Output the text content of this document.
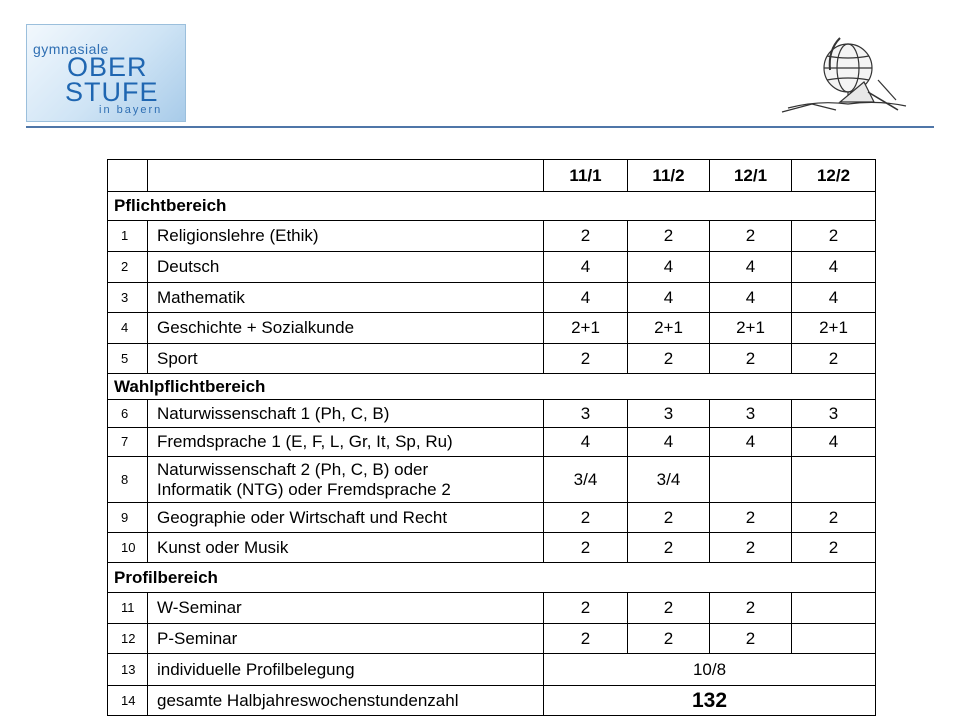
gymnasiale
OBER
STUFE
in bayern
		11/1	11/2	12/1	12/2
Pflichtbereich					
1	Religionslehre (Ethik)	2	2	2	2
2	Deutsch	4	4	4	4
3	Mathematik	4	4	4	4
4	Geschichte + Sozialkunde	2+1	2+1	2+1	2+1
5	Sport	2	2	2	2
Wahlpflichtbereich					
6	Naturwissenschaft 1 (Ph, C, B)	3	3	3	3
7	Fremdsprache 1 (E, F, L, Gr, It, Sp, Ru)	4	4	4	4
8	Naturwissenschaft 2 (Ph, C, B) oder
Informatik (NTG) oder Fremdsprache 2	3/4	3/4		
9	Geographie oder Wirtschaft und Recht	2	2	2	2
10	Kunst oder Musik	2	2	2	2
Profilbereich					
11	W-Seminar	2	2	2	
12	P-Seminar	2	2	2	
13	individuelle Profilbelegung	10/8			
14	gesamte Halbjahreswochenstundenzahl	132			
